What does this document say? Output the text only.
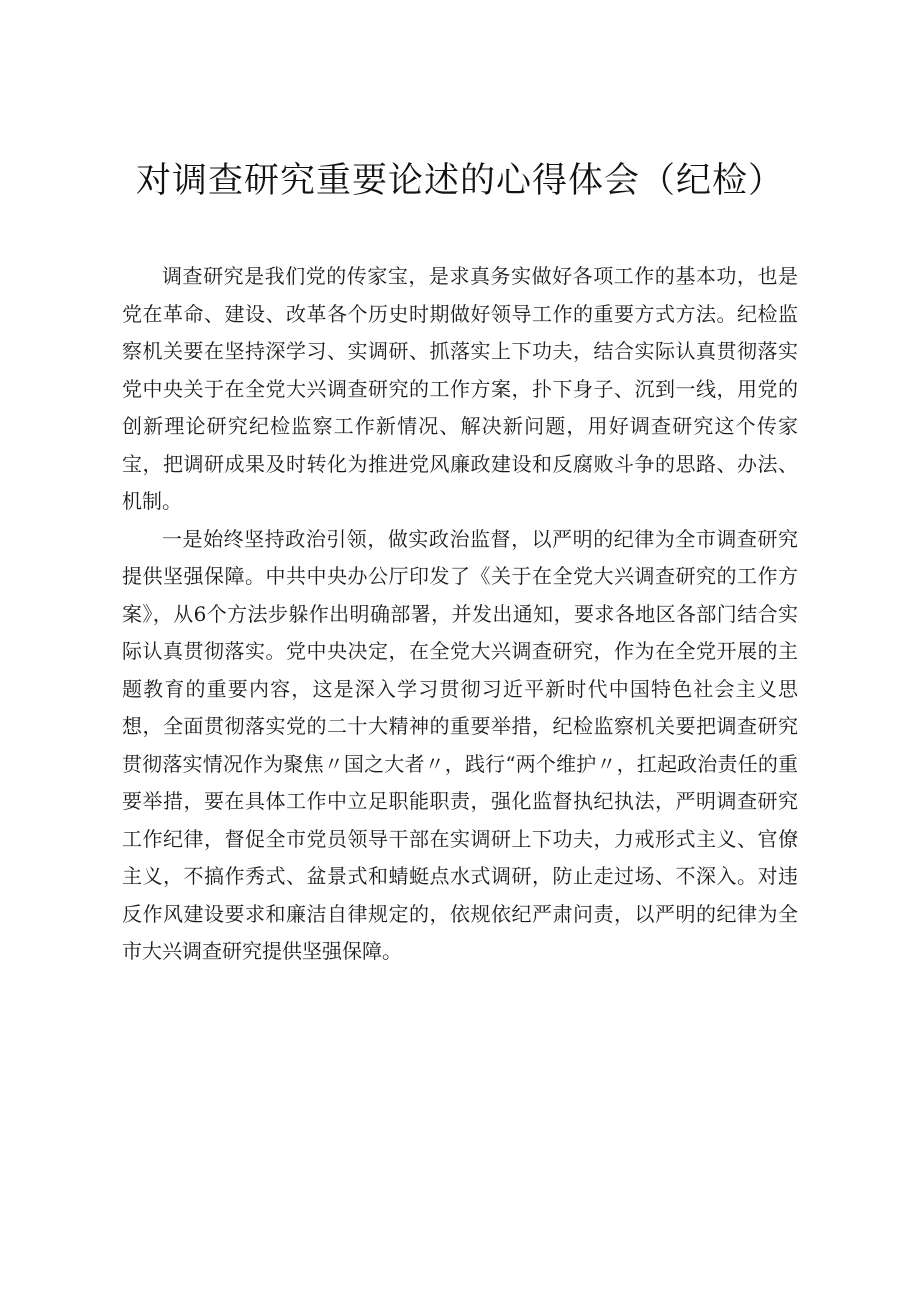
对调查研究重要论述的心得体会（纪检）

调查研究是我们党的传家宝，是求真务实做好各项工作的基本功，也是党在革命、建设、改革各个历史时期做好领导工作的重要方式方法。纪检监察机关要在坚持深学习、实调研、抓落实上下功夫，结合实际认真贯彻落实党中央关于在全党大兴调查研究的工作方案，扑下身子、沉到一线，用党的创新理论研究纪检监察工作新情况、解决新问题，用好调查研究这个传家宝，把调研成果及时转化为推进党风廉政建设和反腐败斗争的思路、办法、机制。

一是始终坚持政治引领，做实政治监督，以严明的纪律为全市调查研究提供坚强保障。中共中央办公厅印发了《关于在全党大兴调查研究的工作方案》，从6个方法步躲作出明确部署，并发出通知，要求各地区各部门结合实际认真贯彻落实。党中央决定，在全党大兴调查研究，作为在全党开展的主题教育的重要内容，这是深入学习贯彻习近平新时代中国特色社会主义思想，全面贯彻落实党的二十大精神的重要举措，纪检监察机关要把调查研究贯彻落实情况作为聚焦〃国之大者〃，践行“两个维护〃，扛起政治责任的重要举措，要在具体工作中立足职能职责，强化监督执纪执法，严明调查研究工作纪律，督促全市党员领导干部在实调研上下功夫，力戒形式主义、官僚主义，不搞作秀式、盆景式和蜻蜓点水式调研，防止走过场、不深入。对违反作风建设要求和廉洁自律规定的，依规依纪严肃问责，以严明的纪律为全市大兴调查研究提供坚强保障。
